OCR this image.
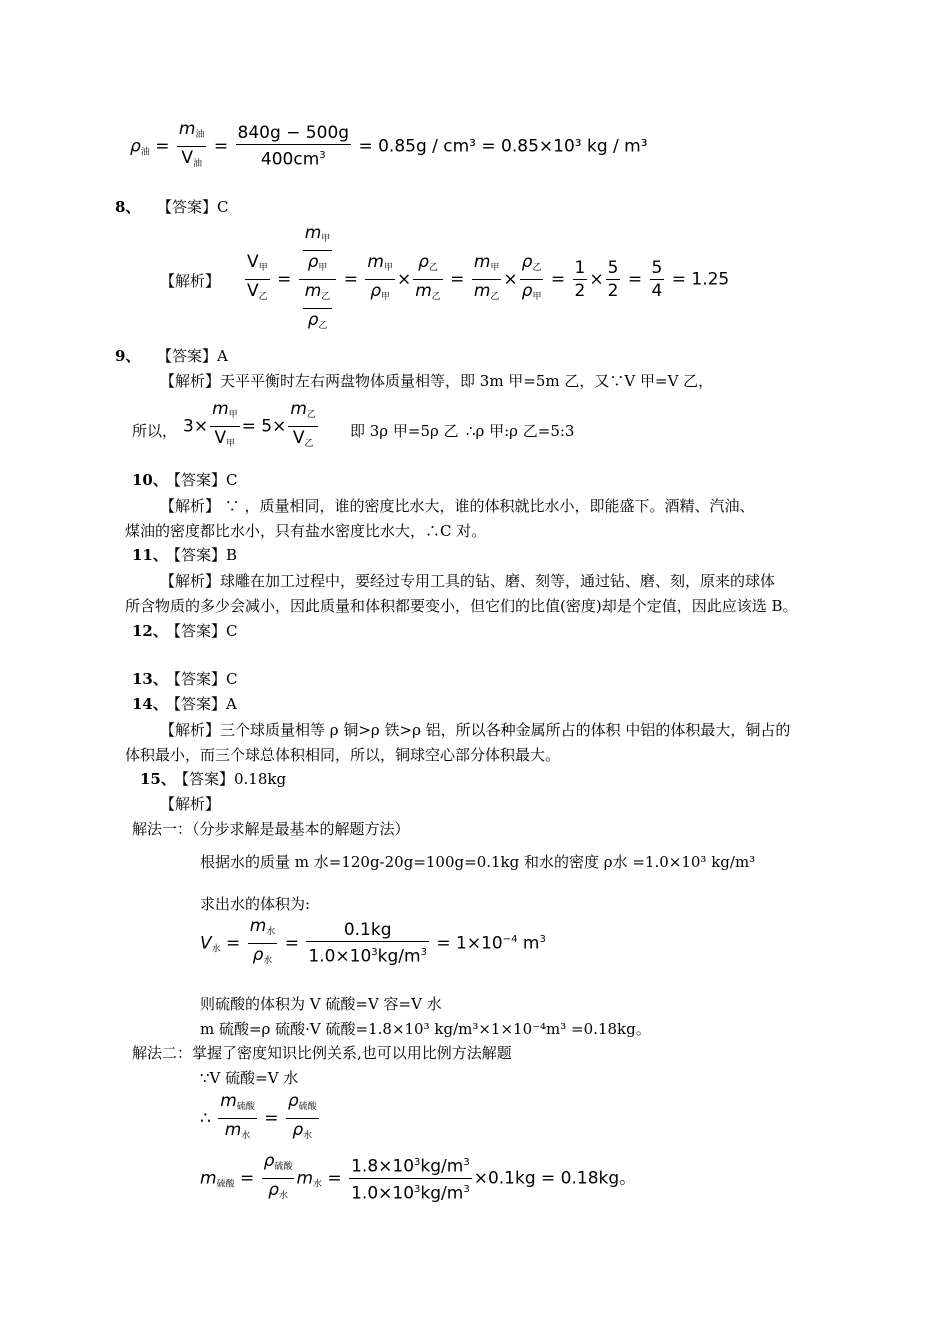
$\rho_油 = \frac{m_油}{V_油} = \frac{840g - 500g}{400cm^3} = 0.85g / cm^3 = 0.85\times 10^3$ kg / m³
8、 【答案】C
【解析】 $\frac{V_甲}{V_乙} = \frac{\frac{m_甲}{\rho_甲}}{\frac{m_乙}{\rho_乙}} = \frac{m_甲}{\rho_甲} \times \frac{\rho_乙}{m_乙} = \frac{m_甲}{m_乙} \times \frac{\rho_乙}{\rho_甲} = \frac{1}{2} \times \frac{5}{2} = \frac{5}{4} = 1.25$
9、 【答案】A
【解析】天平平衡时左右两盘物体质量相等，即 3m 甲=5m 乙，又∵V 甲=V 乙，
所以， $3\times \frac{m_甲}{V_甲} = 5\times \frac{m_乙}{V_乙}$ 即 3ρ 甲=5ρ 乙 ∴ρ 甲:ρ 乙=5:3
10、
【答案】C
【解析】 ∵ ，质量相同，谁的密度比水大，谁的体积就比水小，即能盛下。酒精、汽油、
煤油的密度都比水小，只有盐水密度比水大，∴C 对。
11、
【答案】B
【解析】球雕在加工过程中，要经过专用工具的钻、磨、刻等，通过钻、磨、刻，原来的球体
所含物质的多少会减小，因此质量和体积都要变小，但它们的比值(密度)却是个定值，因此应该选 B。
12、
【答案】C
13、
【答案】C
14、
【答案】A
【解析】三个球质量相等 ρ 铜>ρ 铁>ρ 铝，所以各种金属所占的体积 中铝的体积最大，铜占的
体积最小，而三个球总体积相同，所以，铜球空心部分体积最大。
15、
【答案】0.18kg
【解析】
解法一：（分步求解是最基本的解题方法）
根据水的质量 m 水=120g-20g=100g=0.1kg 和水的密度 ρ水 =1.0×10³ kg/m³
求出水的体积为:
$V_水 = \frac{m_水}{\rho_水} = \frac{0.1kg}{1.0\times 10^3kg/m^3} = 1\times 10^{-4}$ $m^3$
则硫酸的体积为 V 硫酸=V 容=V 水
m 硫酸=ρ 硫酸·V 硫酸=1.8×10³ kg/m³×1×10⁻⁴m³ =0.18kg。
解法二：掌握了密度知识比例关系,也可以用比例方法解题
∵V 硫酸=V 水
∴ $\frac{m_{硫酸}}{m_水} = \frac{\rho_{硫酸}}{\rho_水}$
$m_{硫酸} = \frac{\rho_{硫酸}}{\rho_水} m_水 = \frac{1.8\times 10^3kg/m^3}{1.0\times 10^3kg/m^3} \times 0.1kg = 0.18kg$。
